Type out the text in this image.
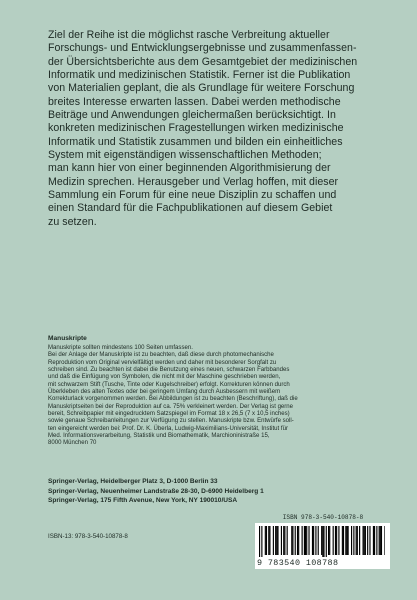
Ziel der Reihe ist die möglichst rasche Verbreitung aktueller
Forschungs- und Entwicklungsergebnisse und zusammenfassen-
der Übersichtsberichte aus dem Gesamtgebiet der medizinischen
Informatik und medizinischen Statistik. Ferner ist die Publikation
von Materialien geplant, die als Grundlage für weitere Forschung
breites Interesse erwarten lassen. Dabei werden methodische
Beiträge und Anwendungen gleichermaßen berücksichtigt. In
konkreten medizinischen Fragestellungen wirken medizinische
Informatik und Statistik zusammen und bilden ein einheitliches
System mit eigenständigen wissenschaftlichen Methoden;
man kann hier von einer beginnenden Algorithmisierung der
Medizin sprechen. Herausgeber und Verlag hoffen, mit dieser
Sammlung ein Forum für eine neue Disziplin zu schaffen und
einen Standard für die Fachpublikationen auf diesem Gebiet
zu setzen.
Manuskripte
Manuskripte sollten mindestens 100 Seiten umfassen.
Bei der Anlage der Manuskripte ist zu beachten, daß diese durch photomechanische
Reproduktion vom Original vervielfältigt werden und daher mit besonderer Sorgfalt zu
schreiben sind. Zu beachten ist dabei die Benutzung eines neuen, schwarzen Farbbandes
und daß die Einfügung von Symbolen, die nicht mit der Maschine geschrieben werden,
mit schwarzem Stift (Tusche, Tinte oder Kugelschreiber) erfolgt. Korrekturen können durch
Überkleben des alten Textes oder bei geringem Umfang durch Ausbessern mit weißem
Korrekturlack vorgenommen werden. Bei Abbildungen ist zu beachten (Beschriftung), daß die
Manuskriptseiten bei der Reproduktion auf ca. 75% verkleinert werden. Der Verlag ist gerne
bereit, Schreibpapier mit eingedrucktem Satzspiegel im Format 18 x 26,5 (7 x 10,5 inches)
sowie genaue Schreibanleitungen zur Verfügung zu stellen. Manuskripte bzw. Entwürfe soll-
ten eingereicht werden bei: Prof. Dr. K. Überla, Ludwig-Maximilians-Universität, Institut für
Med. Informationsverarbeitung, Statistik und Biomathematik, Marchioninistraße 15,
8000 München 70
Springer-Verlag, Heidelberger Platz 3, D-1000 Berlin 33
Springer-Verlag, Neuenheimer Landstraße 28-30, D-6900 Heidelberg 1
Springer-Verlag, 175 Fifth Avenue, New York, NY 190010/USA
ISBN-13: 978-3-540-10878-8
ISBN 978-3-540-10878-8
9 783540 108788
